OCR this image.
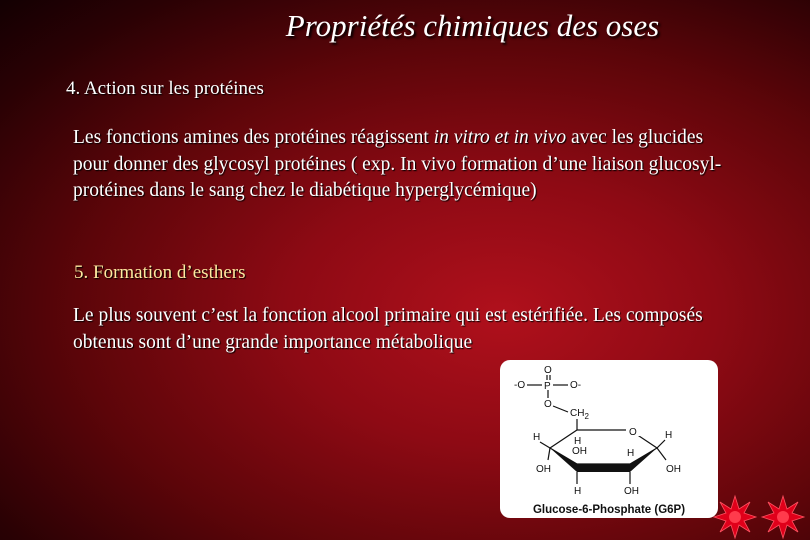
Propriétés chimiques des oses
4. Action sur les protéines
Les fonctions amines des protéines réagissent in vitro et in vivo avec les glucides pour donner des glycosyl protéines ( exp. In vivo formation d’une liaison glucosyl-protéines dans le sang chez le diabétique hyperglycémique)
5. Formation d’esthers
Le plus souvent c’est la fonction alcool primaire qui est estérifiée. Les composés obtenus sont d’une grande importance métabolique
O
-O P O-
O
$CH_2$
O
H
H
OH
OH
H
H
OH
H
OH
Glucose-6-Phosphate (G6P)
